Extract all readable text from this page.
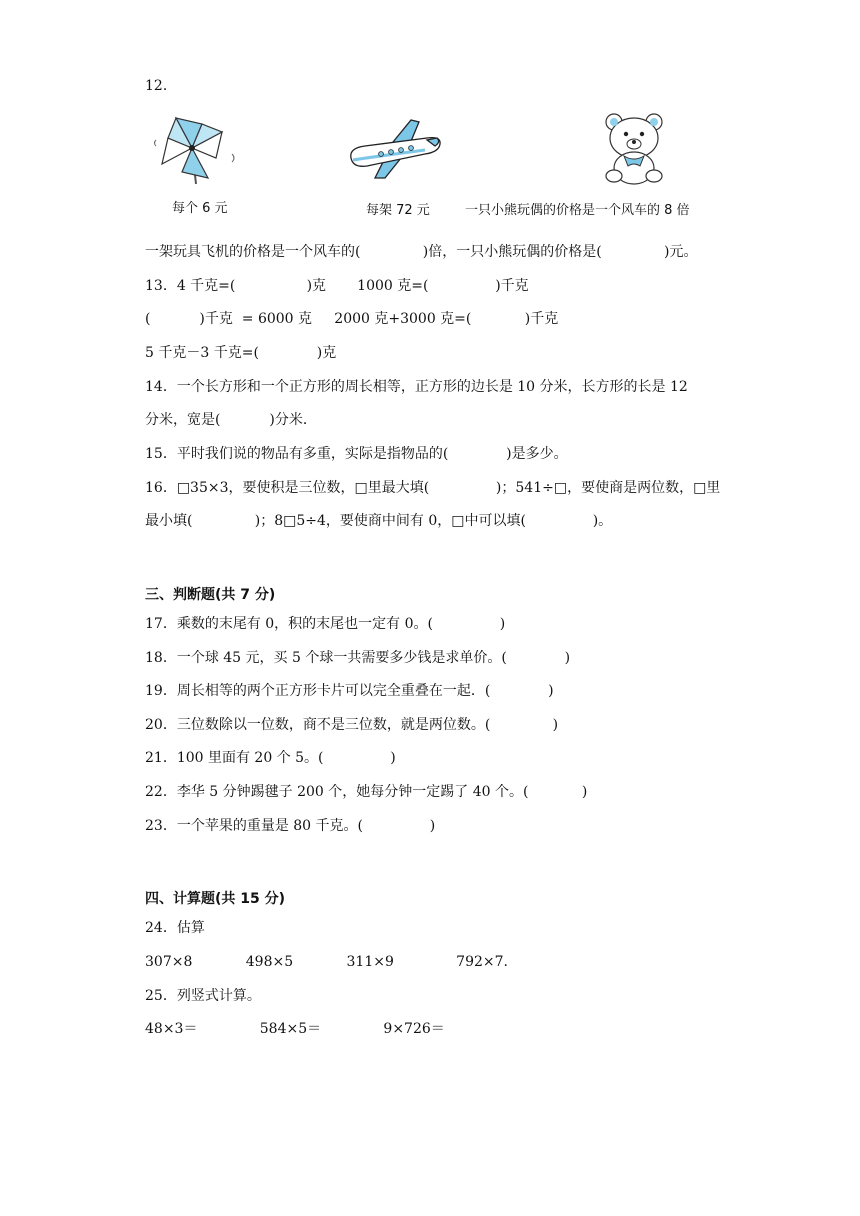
12．
每个 6 元	每架 72 元	一只小熊玩偶的价格是一个风车的 8 倍
一架玩具飞机的价格是一个风车的(              )倍，一只小熊玩偶的价格是(              )元。
13．4 千克=(                )克       1000 克=(               )千克
(           )千克  = 6000 克     2000 克+3000 克=(            )千克
5 千克－3 千克=(             )克
14．一个长方形和一个正方形的周长相等，正方形的边长是 10 分米，长方形的长是 12
分米，宽是(           )分米．
15．平时我们说的物品有多重，实际是指物品的(             )是多少。
16．□35×3，要使积是三位数，□里最大填(               )；541÷□，要使商是两位数，□里
最小填(              )；8□5÷4，要使商中间有 0，□中可以填(               )。
三、判断题(共 7 分)
17．乘数的末尾有 0，积的末尾也一定有 0。(               )
18．一个球 45 元，买 5 个球一共需要多少钱是求单价。(             )
19．周长相等的两个正方形卡片可以完全重叠在一起．(             )
20．三位数除以一位数，商不是三位数，就是两位数。(              )
21．100 里面有 20 个 5。(               )
22．李华 5 分钟踢毽子 200 个，她每分钟一定踢了 40 个。(            )
23．一个苹果的重量是 80 千克。(               )
四、计算题(共 15 分)
24．估算
307×8            498×5            311×9              792×7.
25．列竖式计算。
48×3＝              584×5＝              9×726＝
